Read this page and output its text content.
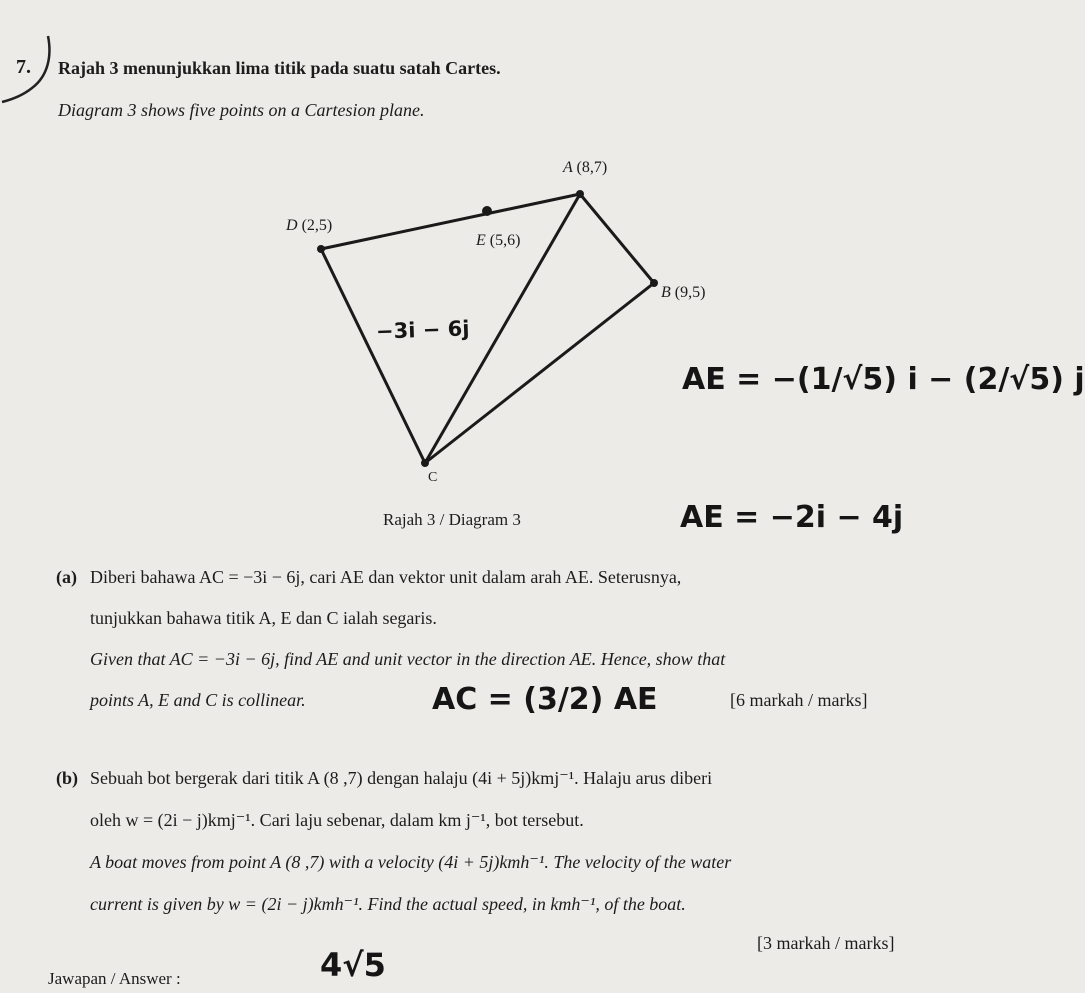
7. Rajah 3 menunjukkan lima titik pada suatu satah Cartes.
Diagram 3 shows five points on a Cartesion plane.
A (8,7)
B (9,5)
C
D (2,5)
E (5,6)
Rajah 3 / Diagram 3
−3i − 6j
AE = −(1/√5) i − (2/√5) j
AE = −2i − 4j
AC = (3/2) AE
4√5
(a) Diberi bahawa AC = −3i − 6j, cari AE dan vektor unit dalam arah AE. Seterusnya,
tunjukkan bahawa titik A, E dan C ialah segaris.
Given that AC = −3i − 6j, find AE and unit vector in the direction AE. Hence, show that
points A, E and C is collinear.	[6 markah / marks]
(b) Sebuah bot bergerak dari titik A (8 ,7) dengan halaju (4i + 5j)kmj⁻¹. Halaju arus diberi
oleh w = (2i − j)kmj⁻¹. Cari laju sebenar, dalam km j⁻¹, bot tersebut.
A boat moves from point A (8 ,7) with a velocity (4i + 5j)kmh⁻¹. The velocity of the water
current is given by w = (2i − j)kmh⁻¹. Find the actual speed, in kmh⁻¹, of the boat.
[3 markah / marks]
Jawapan / Answer :
